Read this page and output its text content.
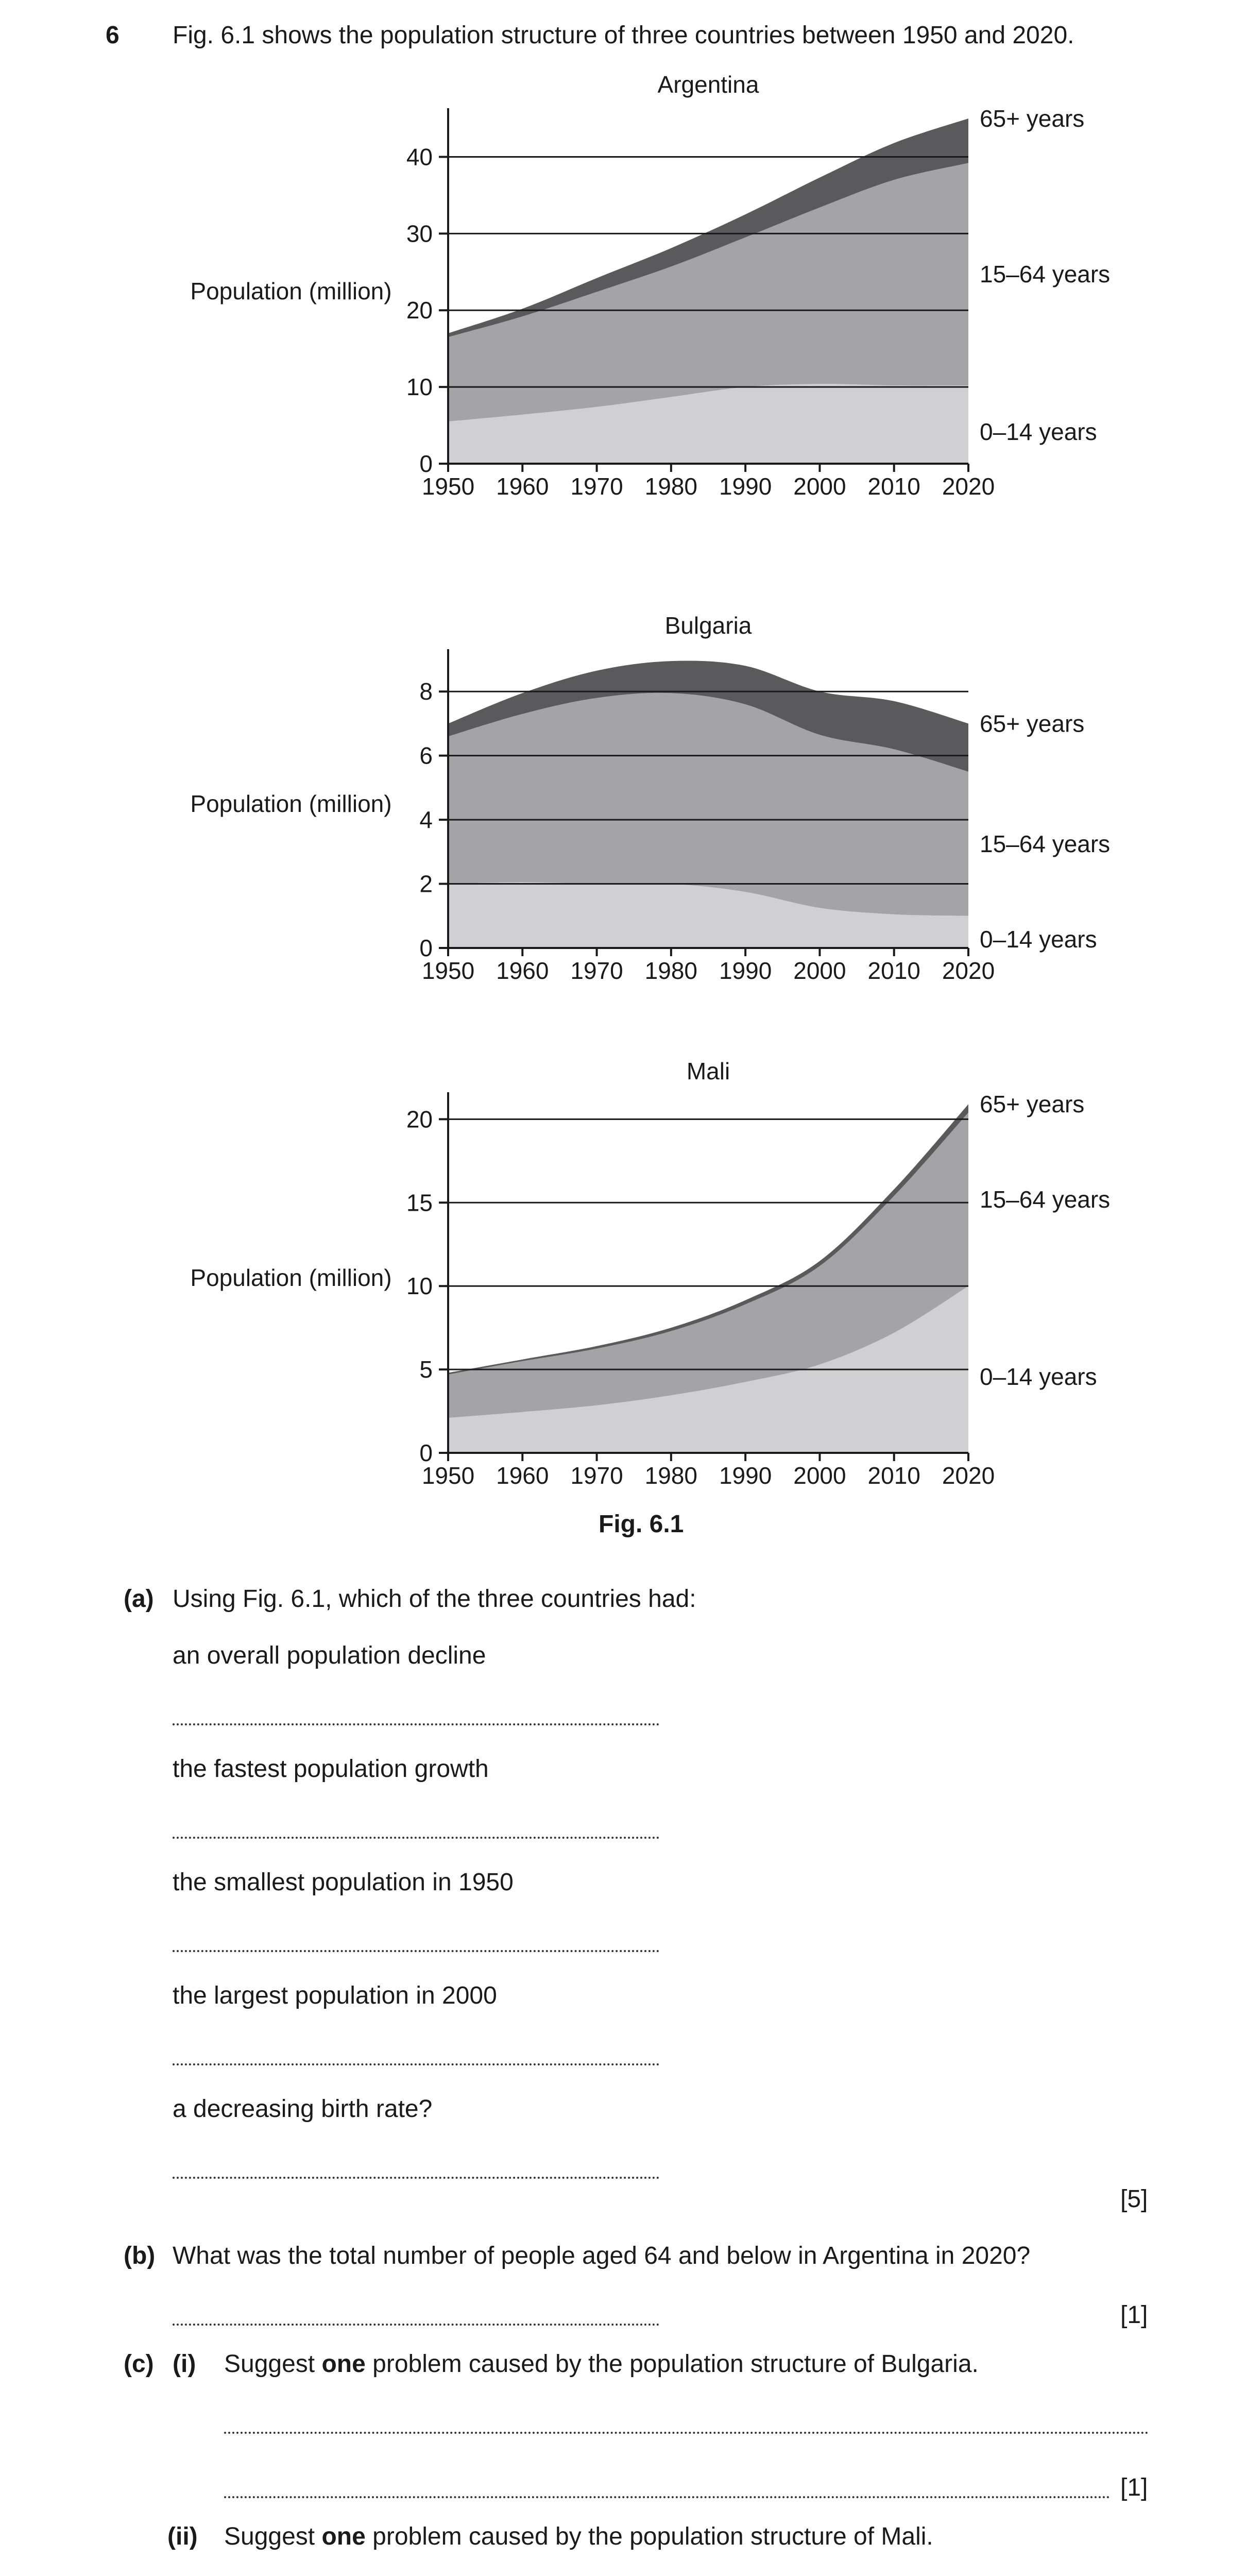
6 Fig. 6.1 shows the population structure of three countries between 1950 and 2020.
0
10
20
30
40
1950 1960 1970 1980 1990 2000 2010 2020
Argentina
Population (million)
0–14 years
15–64 years
65+ years
0
2
4
6
8
1950 1960 1970 1980 1990 2000 2010 2020
Bulgaria
Population (million)
0–14 years
15–64 years
65+ years
0
5
10
15
20
1950 1960 1970 1980 1990 2000 2010 2020
Mali
Population (million)
0–14 years
15–64 years
65+ years
Fig. 6.1
(a) Using Fig. 6.1, which of the three countries had:
an overall population decline
the fastest population growth
the smallest population in 1950
the largest population in 2000
a decreasing birth rate?
[5]
(b) What was the total number of people aged 64 and below in Argentina in 2020?
[1]
(c) (i) Suggest one problem caused by the population structure of Bulgaria.
[1]
(ii) Suggest one problem caused by the population structure of Mali.
